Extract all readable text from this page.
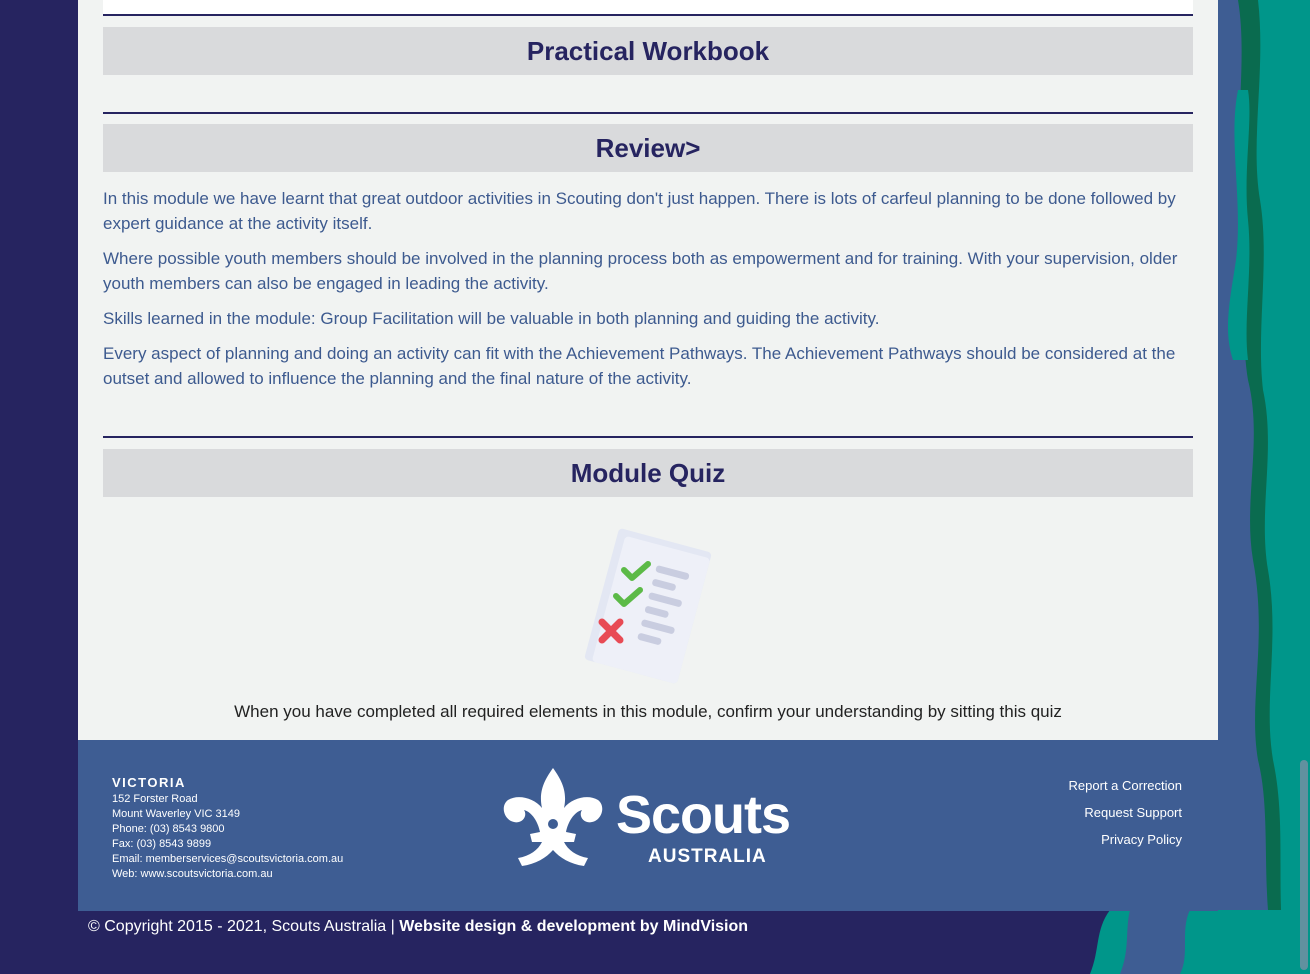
Practical Workbook
Review>

In this module we have learnt that great outdoor activities in Scouting don't just happen. There is lots of carfeul planning to be done followed by expert guidance at the activity itself.

Where possible youth members should be involved in the planning process both as empowerment and for training. With your supervision, older youth members can also be engaged in leading the activity.

Skills learned in the module: Group Facilitation will be valuable in both planning and guiding the activity.

Every aspect of planning and doing an activity can fit with the Achievement Pathways. The Achievement Pathways should be considered at the outset and allowed to influence the planning and the final nature of the activity.

Module Quiz
When you have completed all required elements in this module, confirm your understanding by sitting this quiz
VICTORIA
152 Forster Road
Mount Waverley VIC 3149
Phone: (03) 8543 9800
Fax: (03) 8543 9899
Email: memberservices@scoutsvictoria.com.au
Web: www.scoutsvictoria.com.au
Scouts
AUSTRALIA
Report a Correction
Request Support
Privacy Policy
© Copyright 2015 - 2021, Scouts Australia | Website design & development by MindVision
